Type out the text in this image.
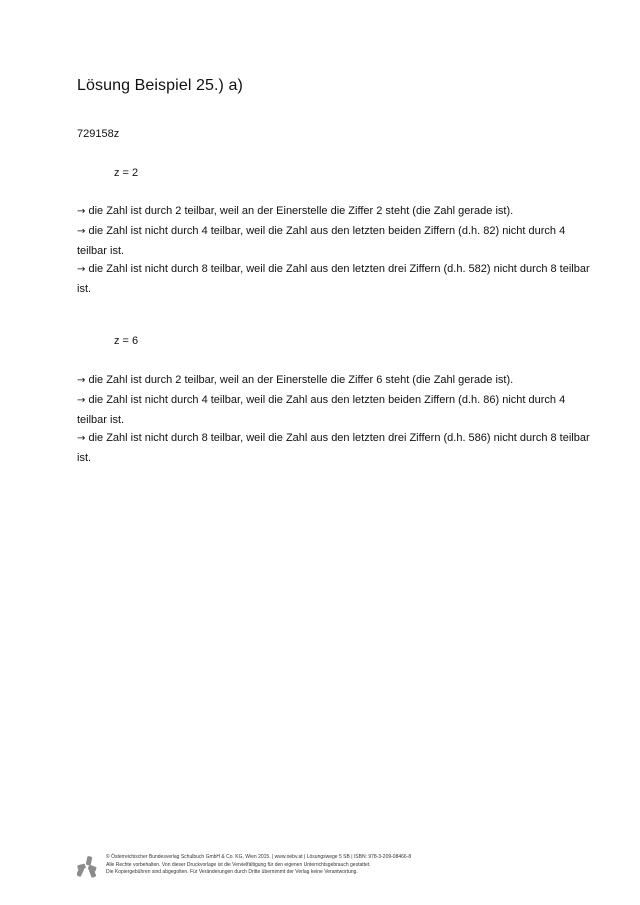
Lösung Beispiel 25.) a)
729158z
z = 2

→ die Zahl ist durch 2 teilbar, weil an der Einerstelle die Ziffer 2 steht (die Zahl gerade ist).

→ die Zahl ist nicht durch 4 teilbar, weil die Zahl aus den letzten beiden Ziffern (d.h. 82) nicht durch 4 teilbar ist.

→ die Zahl ist nicht durch 8 teilbar, weil die Zahl aus den letzten drei Ziffern (d.h. 582) nicht durch 8 teilbar ist.

z = 6

→ die Zahl ist durch 2 teilbar, weil an der Einerstelle die Ziffer 6 steht (die Zahl gerade ist).

→ die Zahl ist nicht durch 4 teilbar, weil die Zahl aus den letzten beiden Ziffern (d.h. 86) nicht durch 4 teilbar ist.

→ die Zahl ist nicht durch 8 teilbar, weil die Zahl aus den letzten drei Ziffern (d.h. 586) nicht durch 8 teilbar ist.

© Österreichischer Bundesverlag Schulbuch GmbH & Co. KG, Wien 2015. | www.oebv.at | Lösungswege 5 SB | ISBN: 978-3-209-08466-8

Alle Rechte vorbehalten. Von dieser Druckvorlage ist die Vervielfältigung für den eigenen Unterrichtsgebrauch gestattet.

Die Kopiergebühren sind abgegolten. Für Veränderungen durch Dritte übernimmt der Verlag keine Verantwortung.
